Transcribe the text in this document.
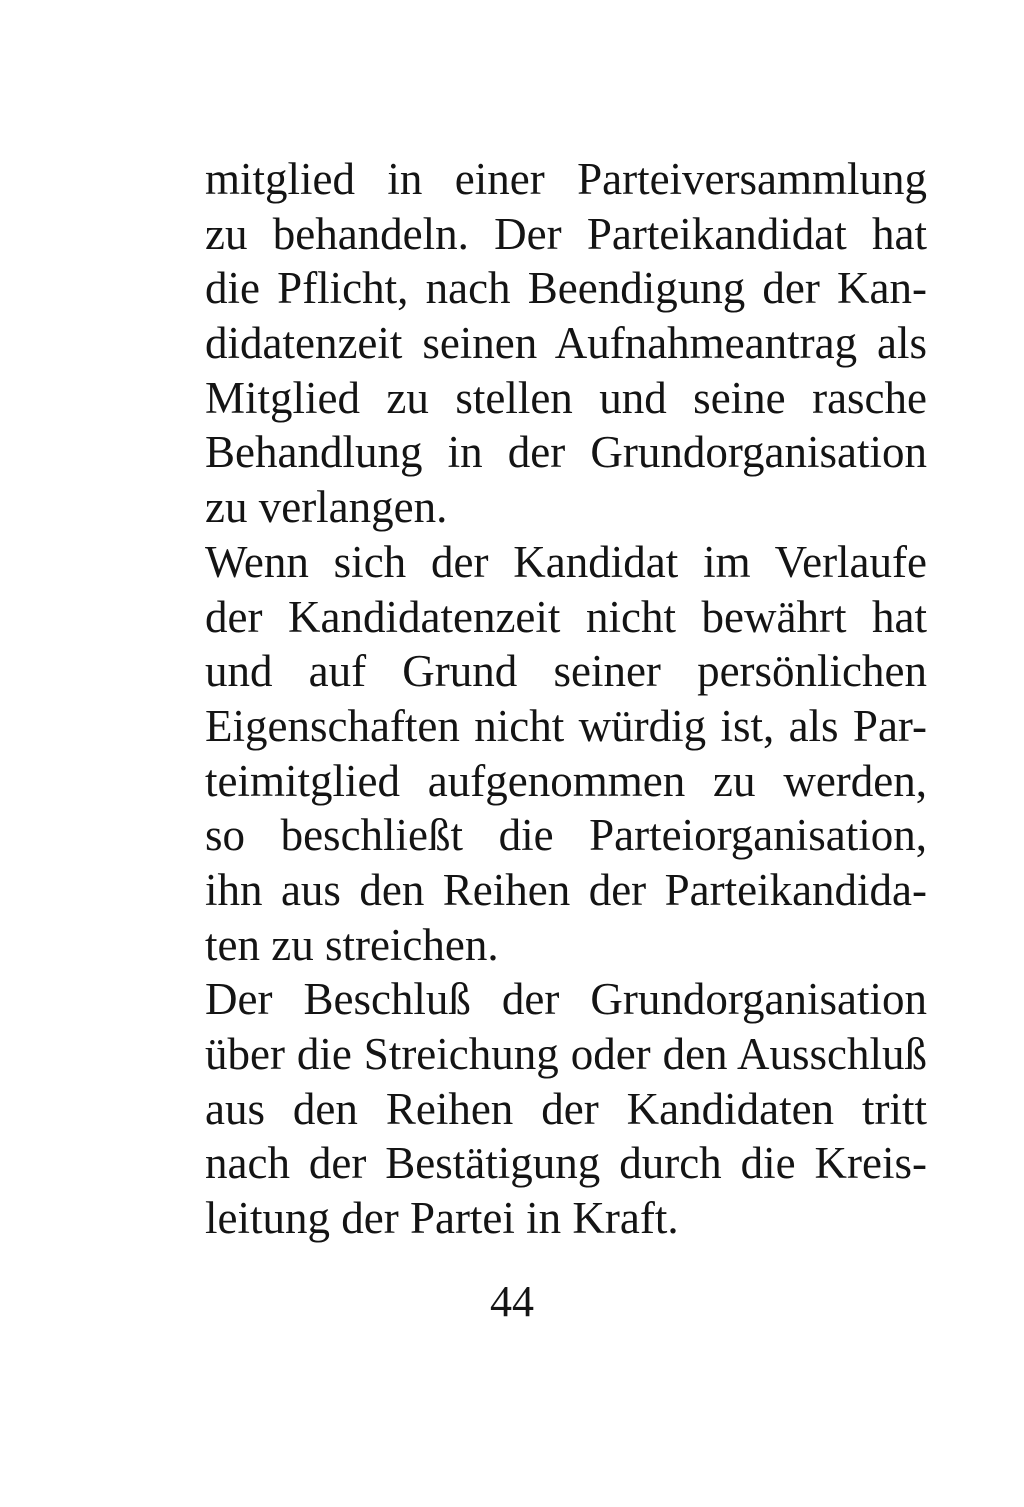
mitglied in einer Parteiversammlung
zu behandeln. Der Parteikandidat hat
die Pflicht, nach Beendigung der Kan-
didatenzeit seinen Aufnahmeantrag als
Mitglied zu stellen und seine rasche
Behandlung in der Grundorganisation
zu verlangen.
Wenn sich der Kandidat im Verlaufe
der Kandidatenzeit nicht bewährt hat
und auf Grund seiner persönlichen
Eigenschaften nicht würdig ist, als Par-
teimitglied aufgenommen zu werden,
so beschließt die Parteiorganisation,
ihn aus den Reihen der Parteikandida-
ten zu streichen.
Der Beschluß der Grundorganisation
über die Streichung oder den Ausschluß
aus den Reihen der Kandidaten tritt
nach der Bestätigung durch die Kreis-
leitung der Partei in Kraft.
44
